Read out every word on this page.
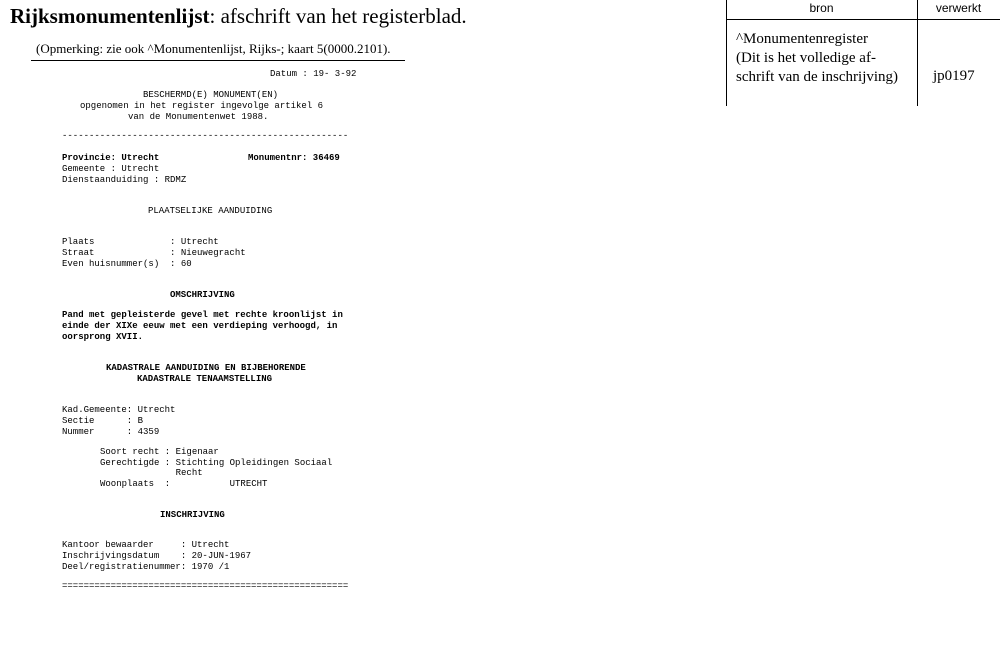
Rijksmonumentenlijst: afschrift van het registerblad.
(Opmerking: zie ook ^Monumentenlijst, Rijks-; kaart 5(0000.2101).
bron	verwerkt
^Monumentenregister
(Dit is het volledige af-
schrift van de inschrijving) jp0197

Datum : 19- 3-92

BESCHERMD(E) MONUMENT(EN)

opgenomen in het register ingevolge artikel 6

van de Monumentenwet 1988.

-----------------------------------------------------

Provincie: Utrecht

	Monumentnr: 36469

Gemeente : Utrecht

Dienstaanduiding : RDMZ

PLAATSELIJKE AANDUIDING

Plaats              : Utrecht

Straat              : Nieuwegracht

Even huisnummer(s)  : 60

OMSCHRIJVING

Pand met gepleisterde gevel met rechte kroonlijst in

einde der XIXe eeuw met een verdieping verhoogd, in

oorsprong XVII.

KADASTRALE AANDUIDING EN BIJBEHORENDE

KADASTRALE TENAAMSTELLING

Kad.Gemeente: Utrecht

Sectie      : B

Nummer      : 4359

Soort recht : Eigenaar

Gerechtigde : Stichting Opleidingen Sociaal

Recht

Woonplaats  :           UTRECHT

INSCHRIJVING

Kantoor bewaarder     : Utrecht

Inschrijvingsdatum    : 20-JUN-1967

Deel/registratienummer: 1970 /1

=====================================================
